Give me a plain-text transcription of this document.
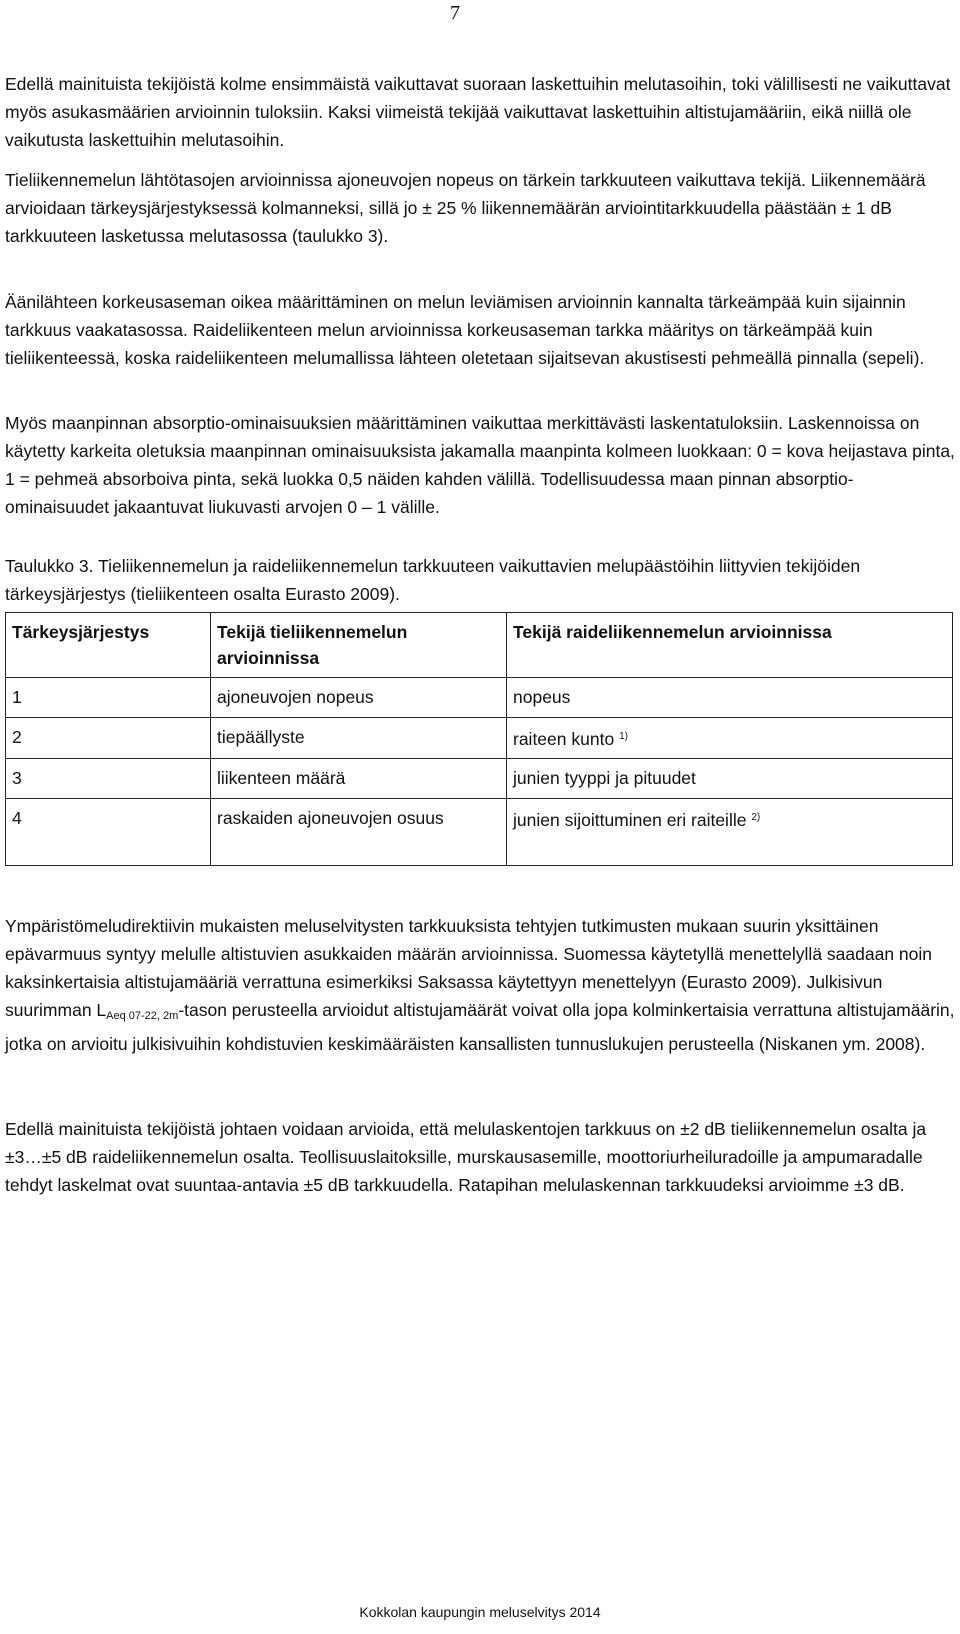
7

Edellä mainituista tekijöistä kolme ensimmäistä vaikuttavat suoraan laskettuihin melutasoihin, toki välillisesti ne vaikuttavat myös asukasmäärien arvioinnin tuloksiin. Kaksi viimeistä tekijää vaikuttavat laskettuihin altistujamääriin, eikä niillä ole vaikutusta laskettuihin melutasoihin.

Tieliikennemelun lähtötasojen arvioinnissa ajoneuvojen nopeus on tärkein tarkkuuteen vaikuttava tekijä. Liikennemäärä arvioidaan tärkeysjärjestyksessä kolmanneksi, sillä jo ± 25 % liikennemäärän arviointitarkkuudella päästään ± 1 dB tarkkuuteen lasketussa melutasossa (taulukko 3).

Äänilähteen korkeusaseman oikea määrittäminen on melun leviämisen arvioinnin kannalta tärkeämpää kuin sijainnin tarkkuus vaakatasossa. Raideliikenteen melun arvioinnissa korkeusaseman tarkka määritys on tärkeämpää kuin tieliikenteessä, koska raideliikenteen melumallissa lähteen oletetaan sijaitsevan akustisesti pehmeällä pinnalla (sepeli).

Myös maanpinnan absorptio-ominaisuuksien määrittäminen vaikuttaa merkittävästi laskentatuloksiin. Laskennoissa on käytetty karkeita oletuksia maanpinnan ominaisuuksista jakamalla maanpinta kolmeen luokkaan: 0 = kova heijastava pinta, 1 = pehmeä absorboiva pinta, sekä luokka 0,5 näiden kahden välillä. Todellisuudessa maan pinnan absorptio-ominaisuudet jakaantuvat liukuvasti arvojen 0 – 1 välille.

Taulukko 3. Tieliikennemelun ja raideliikennemelun tarkkuuteen vaikuttavien melupäästöihin liittyvien tekijöiden tärkeysjärjestys (tieliikenteen osalta Eurasto 2009).

Tärkeysjärjestys	Tekijä tieliikennemelun arvioinnissa	Tekijä raideliikennemelun arvioinnissa
1	ajoneuvojen nopeus	nopeus
2	tiepäällyste	raiteen kunto $^{1)}$
3	liikenteen määrä	junien tyyppi ja pituudet
4	raskaiden ajoneuvojen osuus	junien sijoittuminen eri raiteille $^{2)}$

Ympäristömeludirektiivin mukaisten meluselvitysten tarkkuuksista tehtyjen tutkimusten mukaan suurin yksittäinen epävarmuus syntyy melulle altistuvien asukkaiden määrän arvioinnissa. Suomessa käytetyllä menettelyllä saadaan noin kaksinkertaisia altistujamääriä verrattuna esimerkiksi Saksassa käytettyyn menettelyyn (Eurasto 2009). Julkisivun suurimman $L_{Aeq 07-22, 2m}$-tason perusteella arvioidut altistujamäärät voivat olla jopa kolminkertaisia verrattuna altistujamäärin, jotka on arvioitu julkisivuihin kohdistuvien keskimääräisten kansallisten tunnuslukujen perusteella (Niskanen ym. 2008).

Edellä mainituista tekijöistä johtaen voidaan arvioida, että melulaskentojen tarkkuus on ±2 dB tieliikennemelun osalta ja ±3…±5 dB raideliikennemelun osalta. Teollisuuslaitoksille, murskausasemille, moottoriurheiluradoille ja ampumaradalle tehdyt laskelmat ovat suuntaa-antavia ±5 dB tarkkuudella. Ratapihan melulaskennan tarkkuudeksi arvioimme ±3 dB.

Kokkolan kaupungin meluselvitys 2014
